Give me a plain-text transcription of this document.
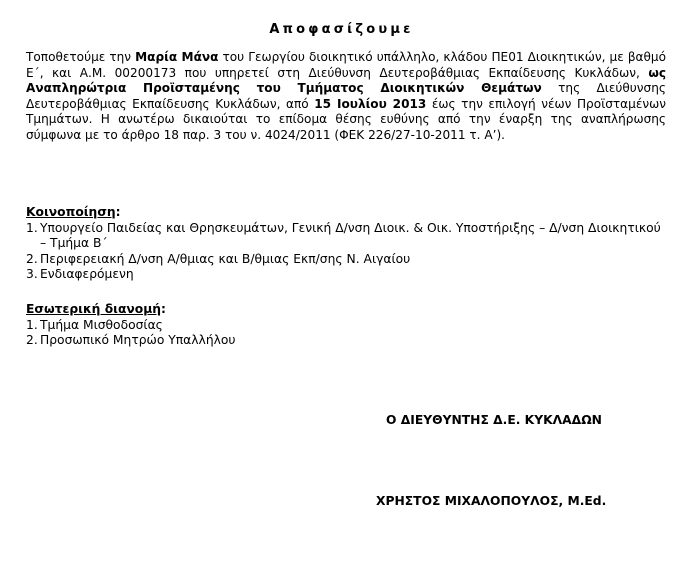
Αποφασίζουμε

Τοποθετούμε την Μαρία Μάνα του Γεωργίου διοικητικό υπάλληλο, κλάδου ΠΕ01 Διοικητικών, με βαθμό Ε΄, και Α.Μ. 00200173 που υπηρετεί στη Διεύθυνση Δευτεροβάθμιας Εκπαίδευσης Κυκλάδων, ως Αναπληρώτρια Προϊσταμένης του Τμήματος Διοικητικών Θεμάτων της Διεύθυνσης Δευτεροβάθμιας Εκπαίδευσης Κυκλάδων, από 15 Ιουλίου 2013 έως την επιλογή νέων Προϊσταμένων Τμημάτων. Η ανωτέρω δικαιούται το επίδομα θέσης ευθύνης από την έναρξη της αναπλήρωσης σύμφωνα με το άρθρο 18 παρ. 3 του ν. 4024/2011 (ΦΕΚ 226/27-10-2011 τ. Α’).

Κοινοποίηση:
1. Υπουργείο Παιδείας και Θρησκευμάτων, Γενική Δ/νση Διοικ. & Οικ. Υποστήριξης – Δ/νση Διοικητικού – Τμήμα Β΄
2. Περιφερειακή Δ/νση Α/θμιας και Β/θμιας Εκπ/σης Ν. Αιγαίου
3. Ενδιαφερόμενη
Εσωτερική διανομή:
1. Τμήμα Μισθοδοσίας
2. Προσωπικό Μητρώο Υπαλλήλου
Ο ΔΙΕΥΘΥΝΤΗΣ Δ.Ε. ΚΥΚΛΑΔΩΝ
ΧΡΗΣΤΟΣ ΜΙΧΑΛΟΠΟΥΛΟΣ, M.Ed.
